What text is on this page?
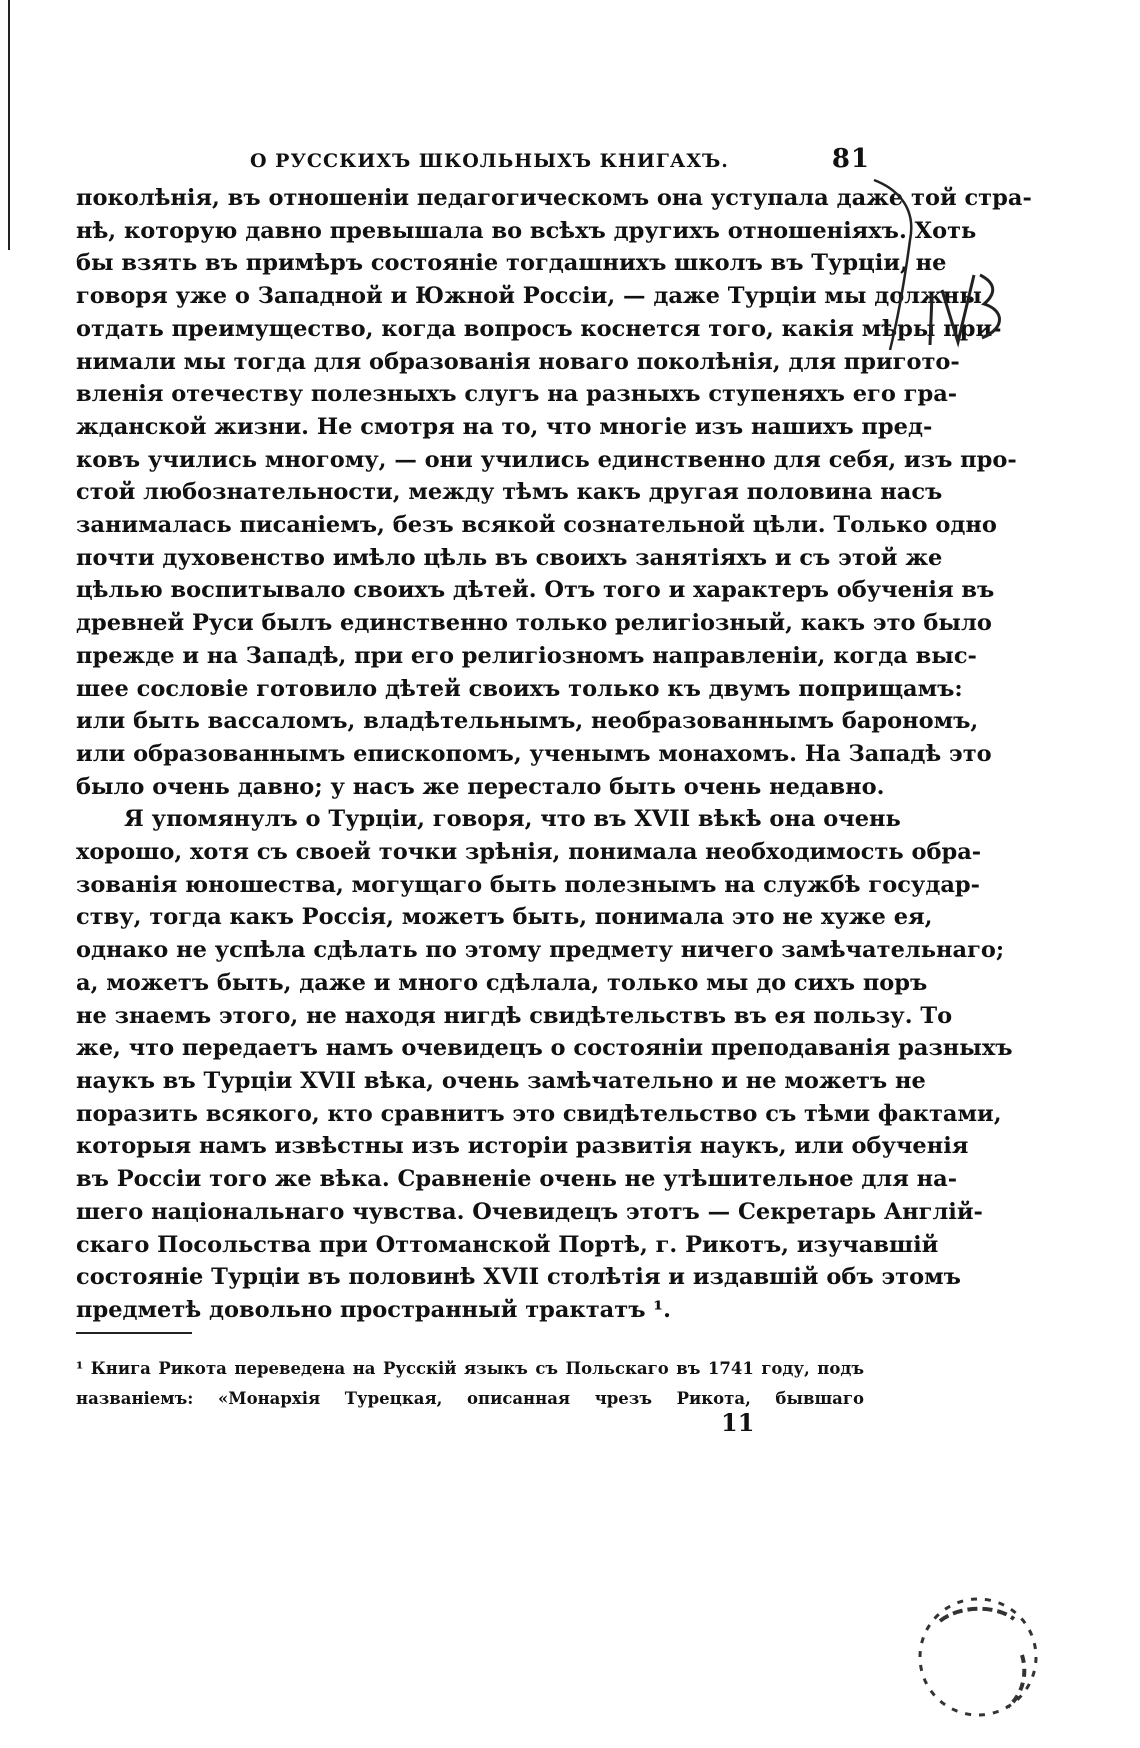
О РУССКИХЪ ШКОЛЬНЫХЪ КНИГАХЪ.	81

поколѣнія, въ отношеніи педагогическомъ она уступала даже той стра-
нѣ, которую давно превышала во всѣхъ другихъ отношеніяхъ. Хоть
бы взять въ примѣръ состояніе тогдашнихъ школъ въ Турціи, не
говоря уже о Западной и Южной Россіи, — даже Турціи мы должны
отдать преимущество, когда вопросъ коснется того, какія мѣры при-
нимали мы тогда для образованія новаго поколѣнія, для пригото-
вленія отечеству полезныхъ слугъ на разныхъ ступеняхъ его гра-
жданской жизни. Не смотря на то, что многіе изъ нашихъ пред-
ковъ учились многому, — они учились единственно для себя, изъ про-
стой любознательности, между тѣмъ какъ другая половина насъ
занималась писаніемъ, безъ всякой сознательной цѣли. Только одно
почти духовенство имѣло цѣль въ своихъ занятіяхъ и съ этой же
цѣлью воспитывало своихъ дѣтей. Отъ того и характеръ обученія въ
древней Руси былъ единственно только религіозный, какъ это было
прежде и на Западѣ, при его религіозномъ направленіи, когда выс-
шее сословіе готовило дѣтей своихъ только къ двумъ поприщамъ:
или быть вассаломъ, владѣтельнымъ, необразованнымъ барономъ,
или образованнымъ епископомъ, ученымъ монахомъ. На Западѣ это
было очень давно; у насъ же перестало быть очень недавно.

Я упомянулъ о Турціи, говоря, что въ XVII вѣкѣ она очень
хорошо, хотя съ своей точки зрѣнія, понимала необходимость обра-
зованія юношества, могущаго быть полезнымъ на службѣ государ-
ству, тогда какъ Россія, можетъ быть, понимала это не хуже ея,
однако не успѣла сдѣлать по этому предмету ничего замѣчательнаго;
а, можетъ быть, даже и много сдѣлала, только мы до сихъ поръ
не знаемъ этого, не находя нигдѣ свидѣтельствъ въ ея пользу. То
же, что передаетъ намъ очевидецъ о состояніи преподаванія разныхъ
наукъ въ Турціи XVII вѣка, очень замѣчательно и не можетъ не
поразить всякого, кто сравнитъ это свидѣтельство съ тѣми фактами,
которыя намъ извѣстны изъ исторіи развитія наукъ, или обученія
въ Россіи того же вѣка. Сравненіе очень не утѣшительное для на-
шего національнаго чувства. Очевидецъ этотъ — Секретарь Англій-
скаго Посольства при Оттоманской Портѣ, г. Рикотъ, изучавшій
состояніе Турціи въ половинѣ XVII столѣтія и издавшій объ этомъ
предметѣ довольно пространный трактатъ ¹.

¹ Книга Рикота переведена на Русскій языкъ съ Польскаго въ 1741 году, подъ
названіемъ: «Монархія Турецкая, описанная чрезъ Рикота, бывшаго
11
